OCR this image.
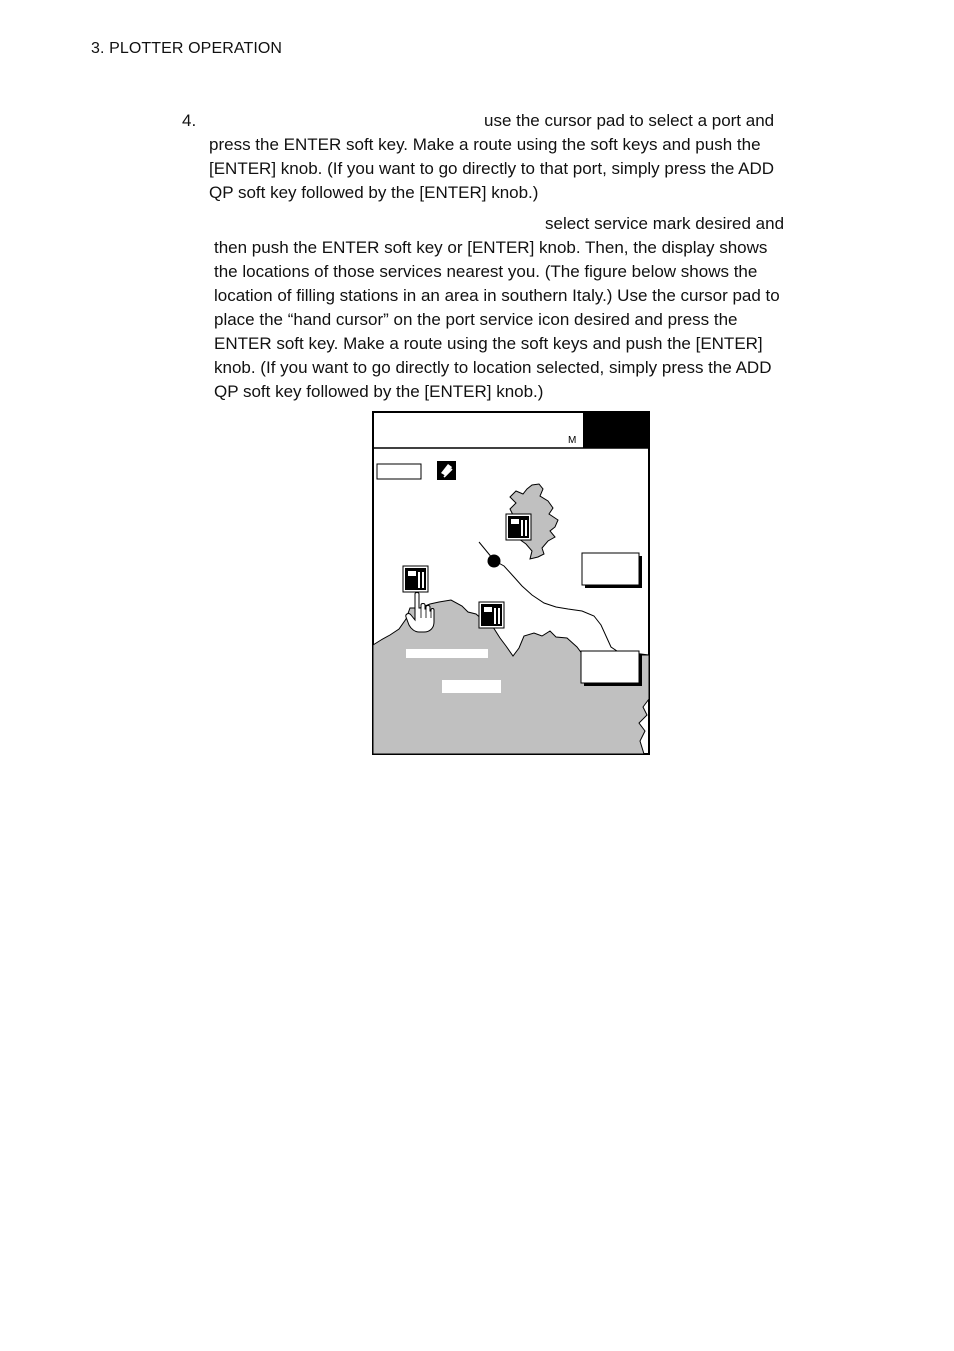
3. PLOTTER OPERATION
4.	use the cursor pad to select a port and
press the ENTER soft key. Make a route using the soft keys and push the
[ENTER] knob. (If you want to go directly to that port, simply press the ADD
QP soft key followed by the [ENTER] knob.)

select service mark desired and
then push the ENTER soft key or [ENTER] knob. Then, the display shows
the locations of those services nearest you. (The figure below shows the
location of filling stations in an area in southern Italy.) Use the cursor pad to
place the “hand cursor” on the port service icon desired and press the
ENTER soft key. Make a route using the soft keys and push the [ENTER]
knob. (If you want to go directly to location selected, simply press the ADD
QP soft key followed by the [ENTER] knob.)

M
